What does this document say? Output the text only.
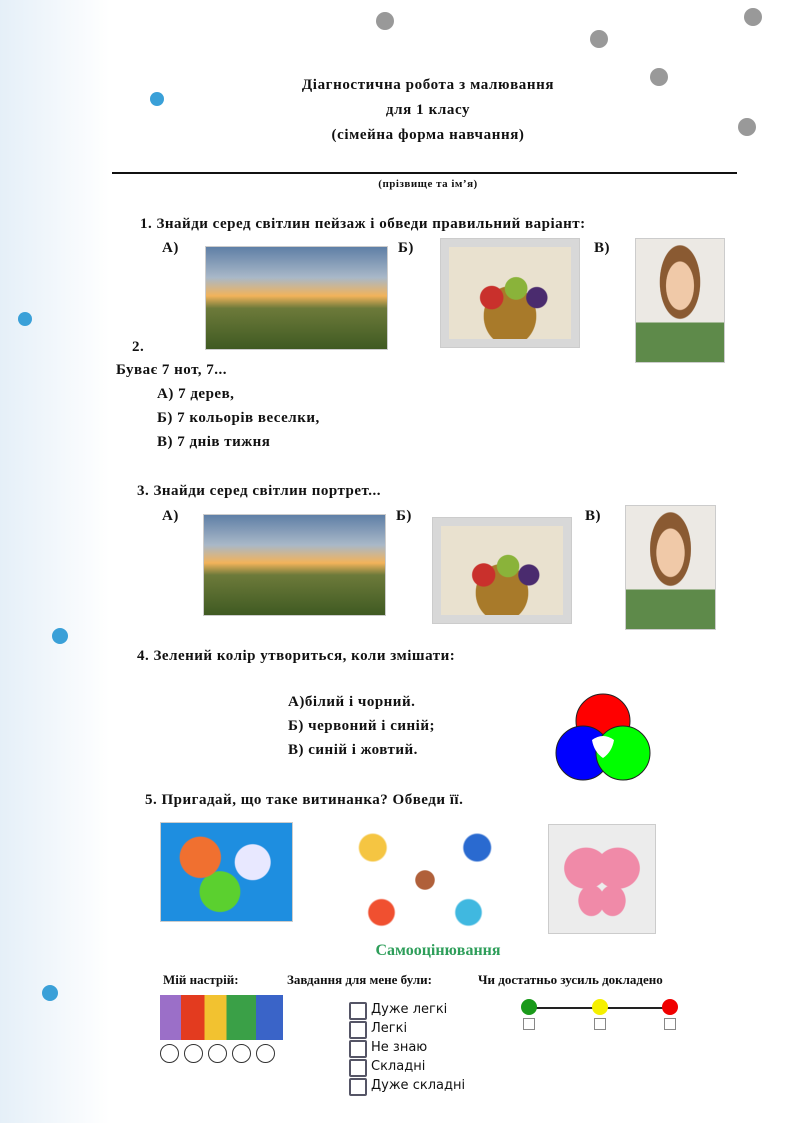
Діагностична робота з малювання
для 1 класу
(сімейна форма навчання)
(прізвище та ім’я)
1. Знайди серед світлин пейзаж і обведи правильний варіант:
А)	Б)	В)
2.
Буває 7 нот, 7...
А) 7 дерев,
Б) 7 кольорів веселки,
В) 7 днів тижня
3. Знайди серед світлин портрет...
А)	Б)	В)
4. Зелений колір утвориться, коли змішати:
А)білий і чорний.
Б) червоний і синій;
В) синій і жовтий.
5. Пригадай, що таке витинанка? Обведи її.
Самооцінювання
Мій настрій:	Завдання для мене були:	Чи достатньо зусиль докладено
Дуже легкі
Легкі
Не знаю
Складні
Дуже складні
